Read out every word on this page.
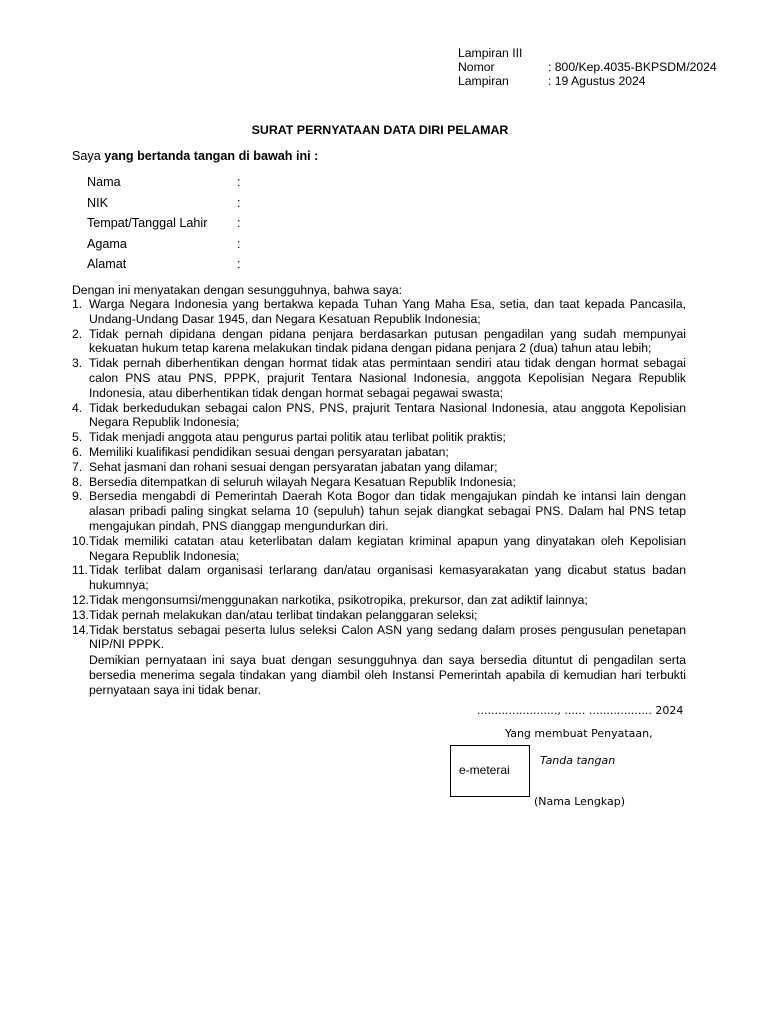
Lampiran III
Nomor	: 800/Kep.4035-BKPSDM/2024
Lampiran	: 19 Agustus 2024
SURAT PERNYATAAN DATA DIRI PELAMAR
Saya yang bertanda tangan di bawah ini :
Nama	:
NIK	:
Tempat/Tanggal Lahir	:
Agama	:
Alamat	:
Dengan ini menyatakan dengan sesungguhnya, bahwa saya:
1. Warga Negara Indonesia yang bertakwa kepada Tuhan Yang Maha Esa, setia, dan taat kepada Pancasila, Undang-Undang Dasar 1945, dan Negara Kesatuan Republik Indonesia;
2. Tidak pernah dipidana dengan pidana penjara berdasarkan putusan pengadilan yang sudah mempunyai kekuatan hukum tetap karena melakukan tindak pidana dengan pidana penjara 2 (dua) tahun atau lebih;
3. Tidak pernah diberhentikan dengan hormat tidak atas permintaan sendiri atau tidak dengan hormat sebagai calon PNS atau PNS, PPPK, prajurit Tentara Nasional Indonesia, anggota Kepolisian Negara Republik Indonesia, atau diberhentikan tidak dengan hormat sebagai pegawai swasta;
4. Tidak berkedudukan sebagai calon PNS, PNS, prajurit Tentara Nasional Indonesia, atau anggota Kepolisian Negara Republik Indonesia;
5. Tidak menjadi anggota atau pengurus partai politik atau terlibat politik praktis;
6. Memiliki kualifikasi pendidikan sesuai dengan persyaratan jabatan;
7. Sehat jasmani dan rohani sesuai dengan persyaratan jabatan yang dilamar;
8. Bersedia ditempatkan di seluruh wilayah Negara Kesatuan Republik Indonesia;
9. Bersedia mengabdi di Pemerintah Daerah Kota Bogor dan tidak mengajukan pindah ke intansi lain dengan alasan pribadi paling singkat selama 10 (sepuluh) tahun sejak diangkat sebagai PNS. Dalam hal PNS tetap mengajukan pindah, PNS dianggap mengundurkan diri.
10. Tidak memiliki catatan atau keterlibatan dalam kegiatan kriminal apapun yang dinyatakan oleh Kepolisian Negara Republik Indonesia;
11. Tidak terlibat dalam organisasi terlarang dan/atau organisasi kemasyarakatan yang dicabut status badan hukumnya;
12. Tidak mengonsumsi/menggunakan narkotika, psikotropika, prekursor, dan zat adiktif lainnya;
13. Tidak pernah melakukan dan/atau terlibat tindakan pelanggaran seleksi;
14. Tidak berstatus sebagai peserta lulus seleksi Calon ASN yang sedang dalam proses pengusulan penetapan NIP/NI PPPK.
Demikian pernyataan ini saya buat dengan sesungguhnya dan saya bersedia dituntut di pengadilan serta bersedia menerima segala tindakan yang diambil oleh Instansi Pemerintah apabila di kemudian hari terbukti pernyataan saya ini tidak benar.
......................., ...... .................. 2024
Yang membuat Penyataan,
e-meterai
Tanda tangan
(Nama Lengkap)
